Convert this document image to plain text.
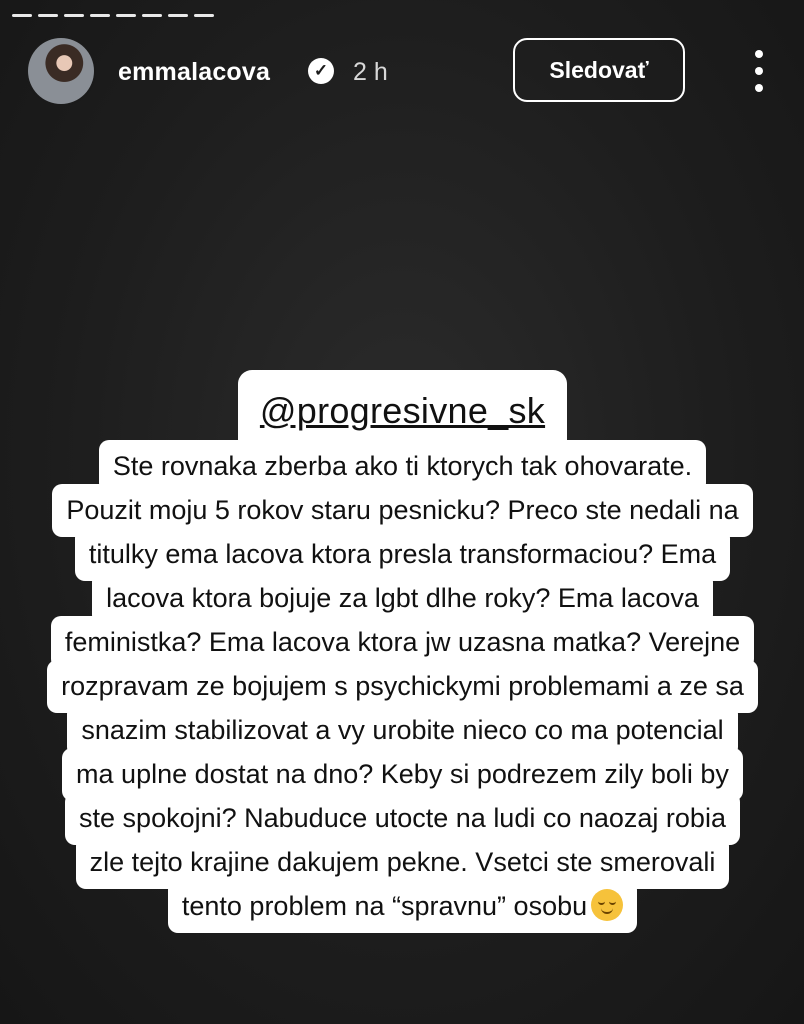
emmalacova	✓ 2 h	Sledovať
@progresivne_sk
Ste rovnaka zberba ako ti ktorych tak ohovarate.
Pouzit moju 5 rokov staru pesnicku? Preco ste nedali na
titulky ema lacova ktora presla transformaciou? Ema
lacova ktora bojuje za lgbt dlhe roky? Ema lacova
feministka? Ema lacova ktora jw uzasna matka? Verejne
rozpravam ze bojujem s psychickymi problemami a ze sa
snazim stabilizovat a vy urobite nieco co ma potencial
ma uplne dostat na dno? Keby si podrezem zily boli by
ste spokojni? Nabuduce utocte na ludi co naozaj robia
zle tejto krajine dakujem pekne. Vsetci ste smerovali
tento problem na “spravnu” osobu
